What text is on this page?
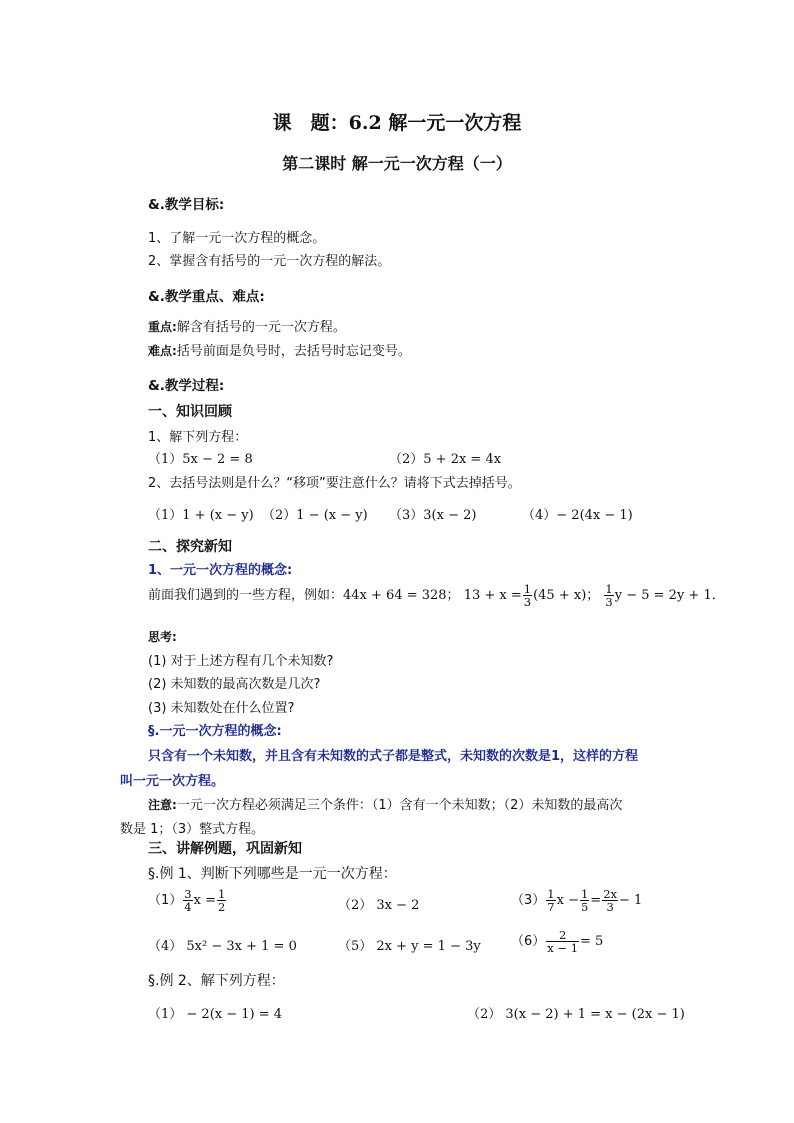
课　题：6.2 解一元一次方程
第二课时 解一元一次方程（一）
&.教学目标:
1、了解一元一次方程的概念。
2、掌握含有括号的一元一次方程的解法。
&.教学重点、难点:
重点:解含有括号的一元一次方程。
难点:括号前面是负号时，去括号时忘记变号。
&.教学过程:
一、知识回顾
1、解下列方程：
（1）5x − 2 = 8	（2）5 + 2x = 4x
2、去括号法则是什么？“移项”要注意什么？请将下式去掉括号。
（1）1 + (x − y) （2）1 − (x − y) （3）3(x − 2)	（4）− 2(4x − 1)
二、探究新知
1、一元一次方程的概念:
前面我们遇到的一些方程，例如：44x + 64 = 328； $13 + x = \frac{1}{3} (45 + x)$； $\frac{1}{3}$ y − 5 = 2y + 1．
思考:
(1) 对于上述方程有几个未知数?
(2) 未知数的最高次数是几次?
(3) 未知数处在什么位置?
§.一元一次方程的概念:
只含有一个未知数，并且含有未知数的式子都是整式，未知数的次数是1，这样的方程
叫一元一次方程。
注意:一元一次方程必须满足三个条件：（1）含有一个未知数；（2）未知数的最高次
数是 1；（3）整式方程。
三、讲解例题，巩固新知
§.例 1、判断下列哪些是一元一次方程：
$(1) \frac{3}{4}$ $x = \frac{1}{2}$	（2） 3x − 2	$(3) \frac{1}{7}$ $x - \frac{1}{5} = \frac{2x}{3} - 1$
（4） 5x² − 3x + 1 = 0	（5） 2x + y = 1 − 3y $(6) \frac{2}{x - 1} = 5$
§.例 2、解下列方程：
（1） − 2(x − 1) = 4	（2） 3(x − 2) + 1 = x − (2x − 1)
